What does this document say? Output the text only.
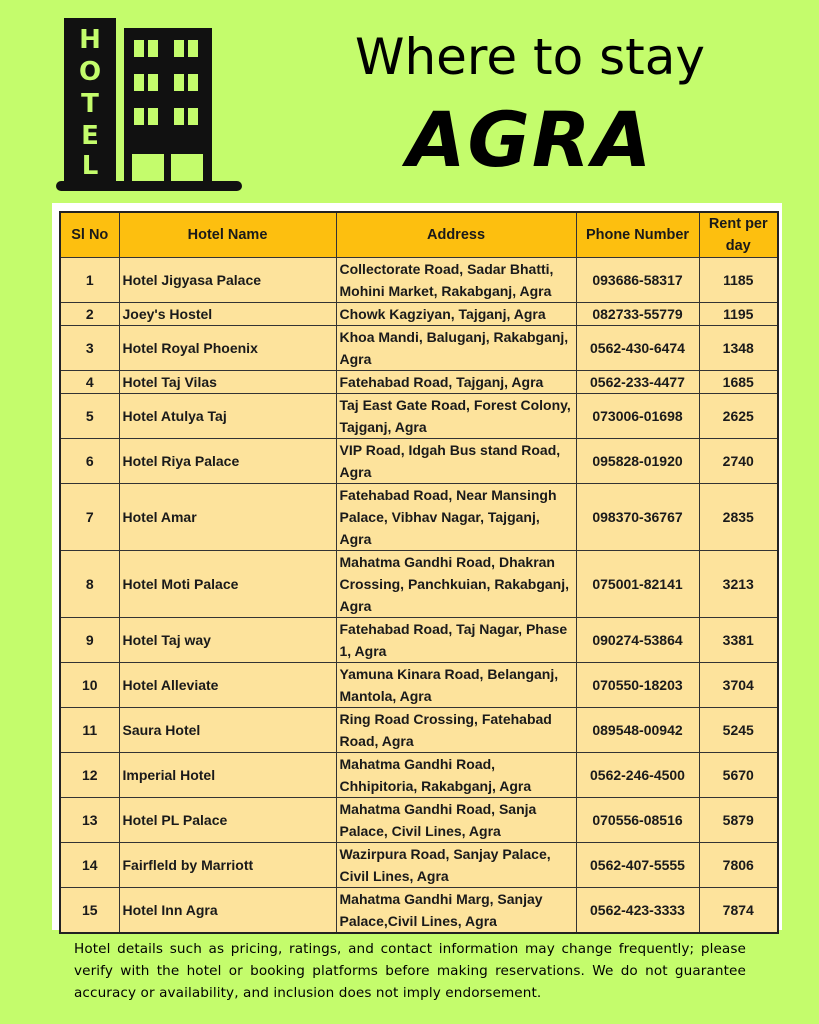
H
O
T
E
L
Where to stay
AGRA
Sl No	Hotel Name	Address	Phone Number	Rent per day
1	Hotel Jigyasa Palace	Collectorate Road, Sadar Bhatti, Mohini Market, Rakabganj, Agra	093686-58317	1185
2	Joey's Hostel	Chowk Kagziyan, Tajganj, Agra	082733-55779	1195
3	Hotel Royal Phoenix	Khoa Mandi, Baluganj, Rakabganj, Agra	0562-430-6474	1348
4	Hotel Taj Vilas	Fatehabad Road, Tajganj, Agra	0562-233-4477	1685
5	Hotel Atulya Taj	Taj East Gate Road, Forest Colony, Tajganj, Agra	073006-01698	2625
6	Hotel Riya Palace	VIP Road, Idgah Bus stand Road, Agra	095828-01920	2740
7	Hotel Amar	Fatehabad Road, Near Mansingh Palace, Vibhav Nagar, Tajganj, Agra	098370-36767	2835
8	Hotel Moti Palace	Mahatma Gandhi Road, Dhakran Crossing, Panchkuian, Rakabganj, Agra	075001-82141	3213
9	Hotel Taj way	Fatehabad Road, Taj Nagar, Phase 1, Agra	090274-53864	3381
10	Hotel Alleviate	Yamuna Kinara Road, Belanganj, Mantola, Agra	070550-18203	3704
11	Saura Hotel	Ring Road Crossing, Fatehabad Road, Agra	089548-00942	5245
12	Imperial Hotel	Mahatma Gandhi Road, Chhipitoria, Rakabganj, Agra	0562-246-4500	5670
13	Hotel PL Palace	Mahatma Gandhi Road, Sanja Palace, Civil Lines, Agra	070556-08516	5879
14	Fairfleld by Marriott	Wazirpura Road, Sanjay Palace, Civil Lines, Agra	0562-407-5555	7806
15	Hotel Inn Agra	Mahatma Gandhi Marg, Sanjay Palace,Civil Lines, Agra	0562-423-3333	7874
Hotel details such as pricing, ratings, and contact information may change frequently; please verify with the hotel or booking platforms before making reservations. We do not guarantee accuracy or availability, and inclusion does not imply endorsement.
